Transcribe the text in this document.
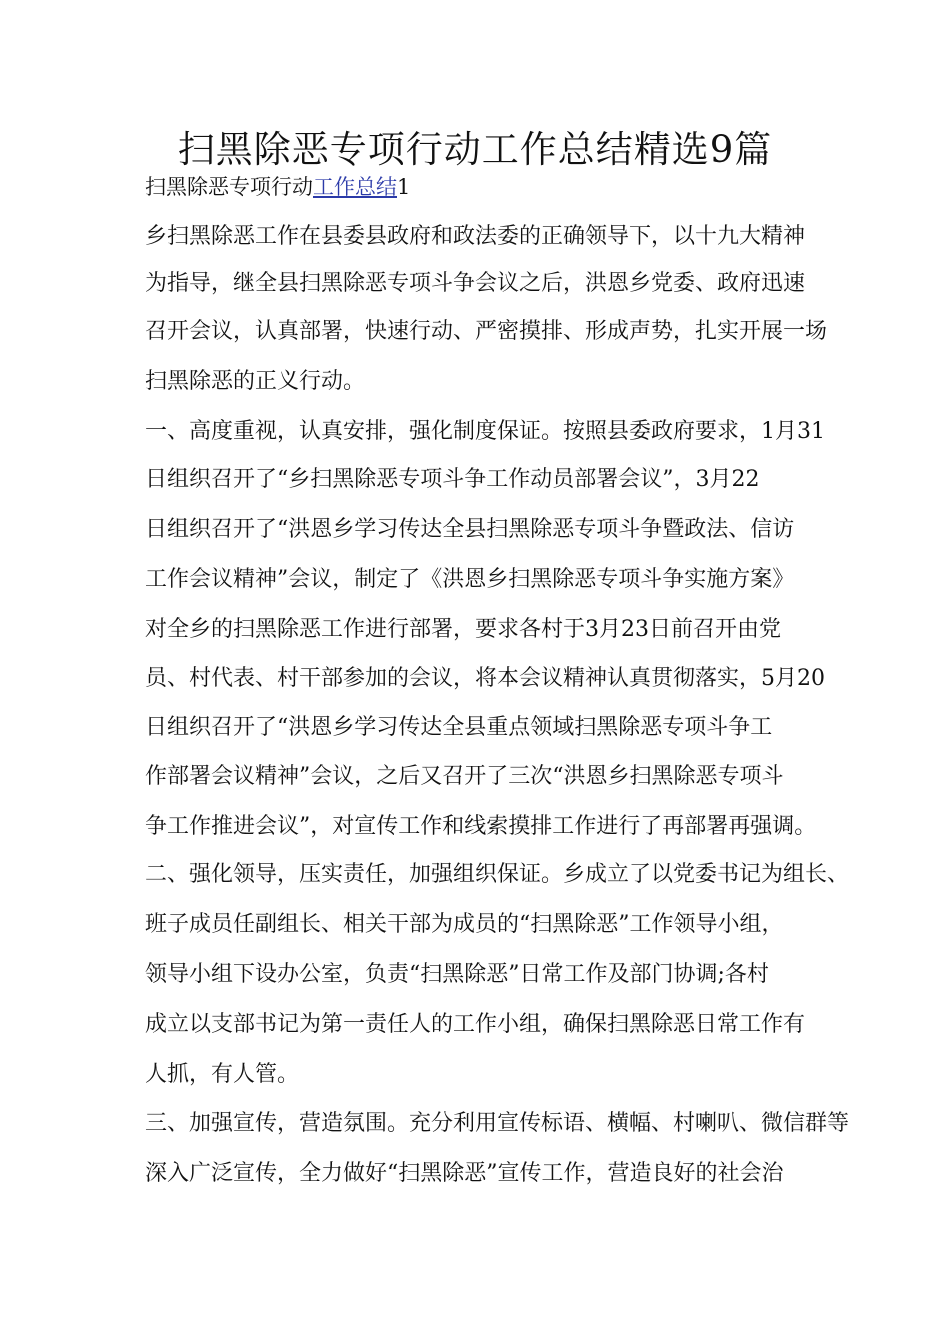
扫黑除恶专项行动工作总结精选9篇
扫黑除恶专项行动工作总结1
乡扫黑除恶工作在县委县政府和政法委的正确领导下，以十九大精神
为指导，继全县扫黑除恶专项斗争会议之后，洪恩乡党委、政府迅速
召开会议，认真部署，快速行动、严密摸排、形成声势，扎实开展一场
扫黑除恶的正义行动。
一、高度重视，认真安排，强化制度保证。按照县委政府要求，1月31
日组织召开了“乡扫黑除恶专项斗争工作动员部署会议”，3月22
日组织召开了“洪恩乡学习传达全县扫黑除恶专项斗争暨政法、信访
工作会议精神”会议，制定了《洪恩乡扫黑除恶专项斗争实施方案》
对全乡的扫黑除恶工作进行部署，要求各村于3月23日前召开由党
员、村代表、村干部参加的会议，将本会议精神认真贯彻落实，5月20
日组织召开了“洪恩乡学习传达全县重点领域扫黑除恶专项斗争工
作部署会议精神”会议，之后又召开了三次“洪恩乡扫黑除恶专项斗
争工作推进会议”，对宣传工作和线索摸排工作进行了再部署再强调。
二、强化领导，压实责任，加强组织保证。乡成立了以党委书记为组长、
班子成员任副组长、相关干部为成员的“扫黑除恶”工作领导小组，
领导小组下设办公室，负责“扫黑除恶”日常工作及部门协调;各村
成立以支部书记为第一责任人的工作小组，确保扫黑除恶日常工作有
人抓，有人管。
三、加强宣传，营造氛围。充分利用宣传标语、横幅、村喇叭、微信群等
深入广泛宣传，全力做好“扫黑除恶”宣传工作，营造良好的社会治
